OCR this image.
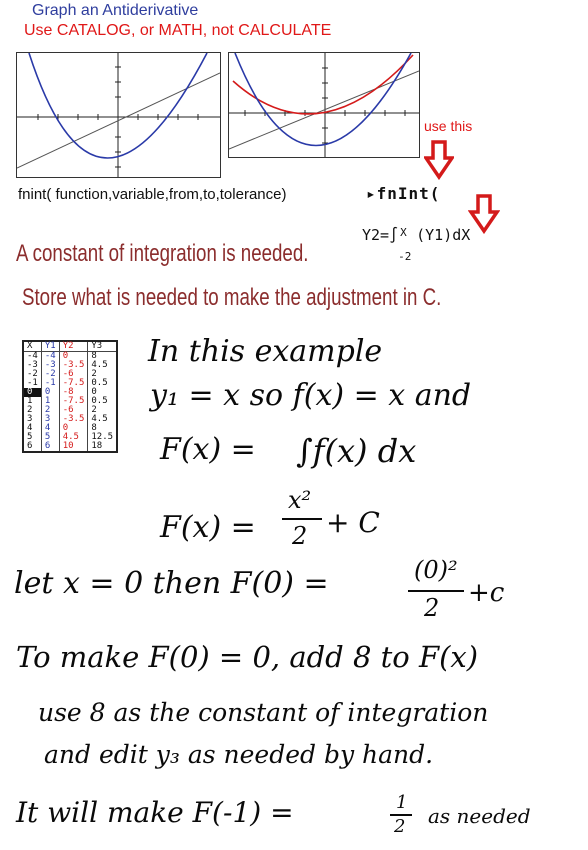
Graph an Antiderivative
Use CATALOG, or MATH, not CALCULATE
use this
fnint( function,variable,from,to,tolerance)	▸fnInt(
Y2=∫ X
-2
(Y1)dX
A constant of integration is needed.
Store what is needed to make the adjustment in C.
X	Y1	Y2	Y3
-4	-4	0	8
-3	-3	-3.5	4.5
-2	-2	-6	2
-1	-1	-7.5	0.5
0	0	-8	0
1	1	-7.5	0.5
2	2	-6	2
3	3	-3.5	4.5
4	4	0	8
5	5	4.5	12.5
6	6	10	18
In this example
y₁ = x so f(x) = x and
F(x) = ∫f(x) dx
F(x) =
x²
2 + C
let x = 0 then F(0) =	(0)²
2 +c
To make F(0) = 0, add 8 to F(x)
use 8 as the constant of integration
and edit y₃ as needed by hand.
It will make F(-1) =	1
2 as needed
